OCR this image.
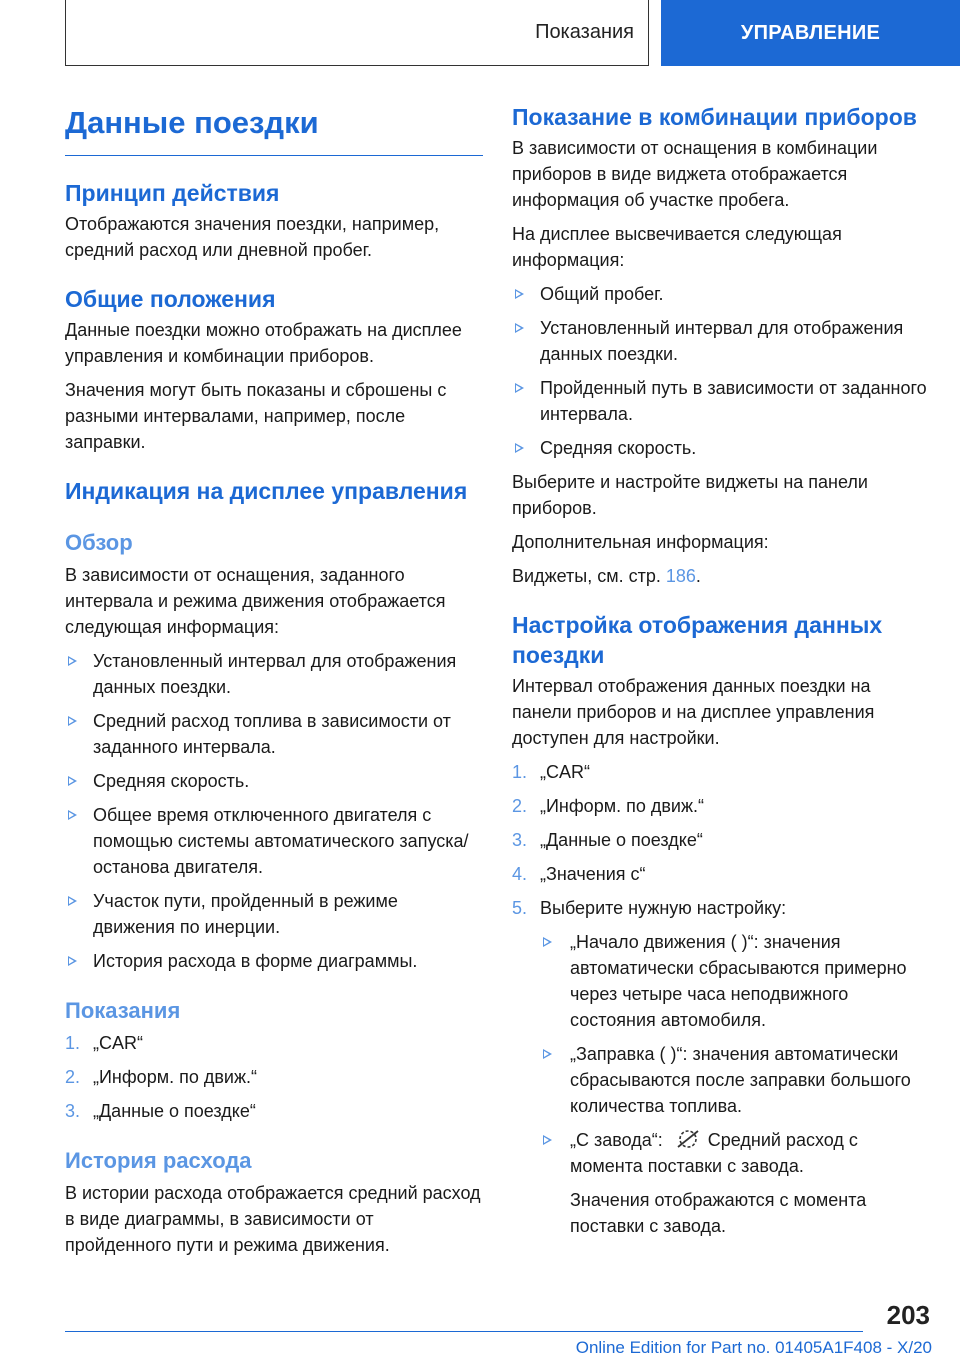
Показания	УПРАВЛЕНИЕ
Данные поездки
Принцип действия

Отображаются значения поездки, например, средний расход или дневной пробег.

Общие положения

Данные поездки можно отображать на дисплее управления и комбинации приборов.

Значения могут быть показаны и сброшены с разными интервалами, например, после заправки.

Индикация на дисплее управления
Обзор

В зависимости от оснащения, заданного интервала и режима движения отображается следующая информация:

Установленный интервал для отображения данных поездки.
Средний расход топлива в зависимости от заданного интервала.
Средняя скорость.
Общее время отключенного двигателя с помощью системы автоматического запуска/останова двигателя.
Участок пути, пройденный в режиме движения по инерции.
История расхода в форме диаграммы.
Показания
1. „CAR“
2. „Информ. по движ.“
3. „Данные о поездке“
История расхода

В истории расхода отображается средний расход в виде диаграммы, в зависимости от пройденного пути и режима движения.

Показание в комбинации приборов

В зависимости от оснащения в комбинации приборов в виде виджета отображается информация об участке пробега.

На дисплее высвечивается следующая информация:

Общий пробег.
Установленный интервал для отображения данных поездки.
Пройденный путь в зависимости от заданного интервала.
Средняя скорость.

Выберите и настройте виджеты на панели приборов.

Дополнительная информация:

Виджеты, см. стр. 186.

Настройка отображения данных поездки

Интервал отображения данных поездки на панели приборов и на дисплее управления доступен для настройки.

1. „CAR“
2. „Информ. по движ.“
3. „Данные о поездке“
4. „Значения с“
5. Выберите нужную настройку:
„Начало движения ( )“: значения автоматически сбрасываются примерно через четыре часа неподвижного состояния автомобиля.
„Заправка ( )“: значения автоматически сбрасываются после заправки большого количества топлива.
„С завода“: Средний расход с момента поставки с завода.
Значения отображаются с момента поставки с завода.
203
Online Edition for Part no. 01405A1F408 - X/20
